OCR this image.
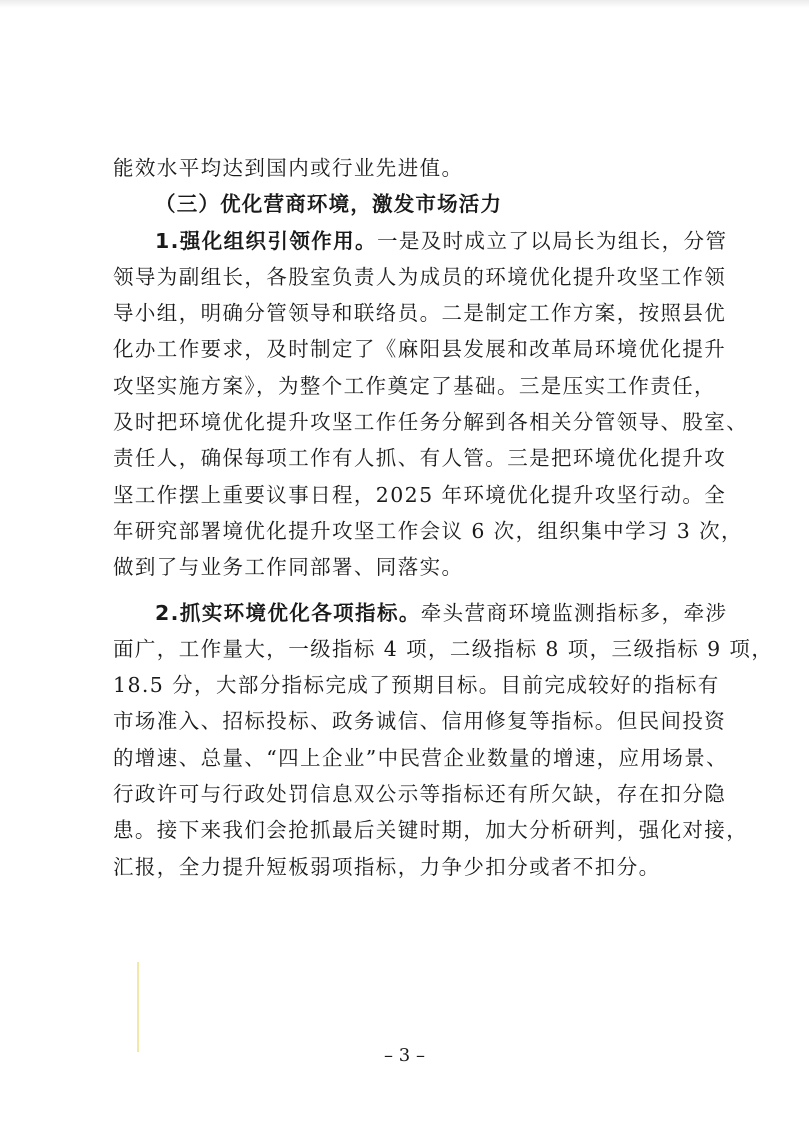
能效水平均达到国内或行业先进值。
（三）优化营商环境，激发市场活力
1.强化组织引领作用。一是及时成立了以局长为组长，分管
领导为副组长，各股室负责人为成员的环境优化提升攻坚工作领
导小组，明确分管领导和联络员。二是制定工作方案，按照县优
化办工作要求，及时制定了《麻阳县发展和改革局环境优化提升
攻坚实施方案》，为整个工作奠定了基础。三是压实工作责任，
及时把环境优化提升攻坚工作任务分解到各相关分管领导、股室、
责任人，确保每项工作有人抓、有人管。三是把环境优化提升攻
坚工作摆上重要议事日程，2025 年环境优化提升攻坚行动。全
年研究部署境优化提升攻坚工作会议 6 次，组织集中学习 3 次，
做到了与业务工作同部署、同落实。
2.抓实环境优化各项指标。牵头营商环境监测指标多，牵涉
面广，工作量大，一级指标 4 项，二级指标 8 项，三级指标 9 项，
18.5 分，大部分指标完成了预期目标。目前完成较好的指标有
市场准入、招标投标、政务诚信、信用修复等指标。但民间投资
的增速、总量、“四上企业”中民营企业数量的增速，应用场景、
行政许可与行政处罚信息双公示等指标还有所欠缺，存在扣分隐
患。接下来我们会抢抓最后关键时期，加大分析研判，强化对接，
汇报，全力提升短板弱项指标，力争少扣分或者不扣分。
– 3 –
